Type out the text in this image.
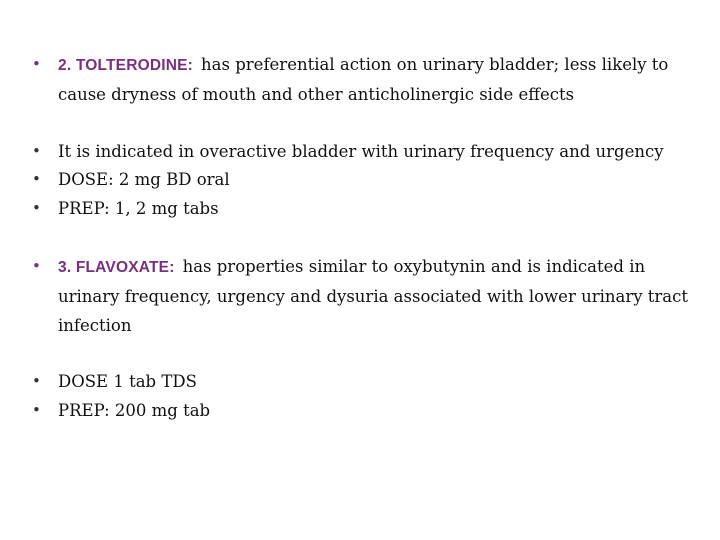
•	2. TOLTERODINE: has preferential action on urinary bladder; less likely to cause dryness of mouth and other anticholinergic side effects
•	It is indicated in overactive bladder with urinary frequency and urgency
•	DOSE: 2 mg BD oral
•	PREP: 1, 2 mg tabs
•	3. FLAVOXATE: has properties similar to oxybutynin and is indicated in urinary frequency, urgency and dysuria associated with lower urinary tract infection
•	DOSE 1 tab TDS
•	PREP: 200 mg tab
